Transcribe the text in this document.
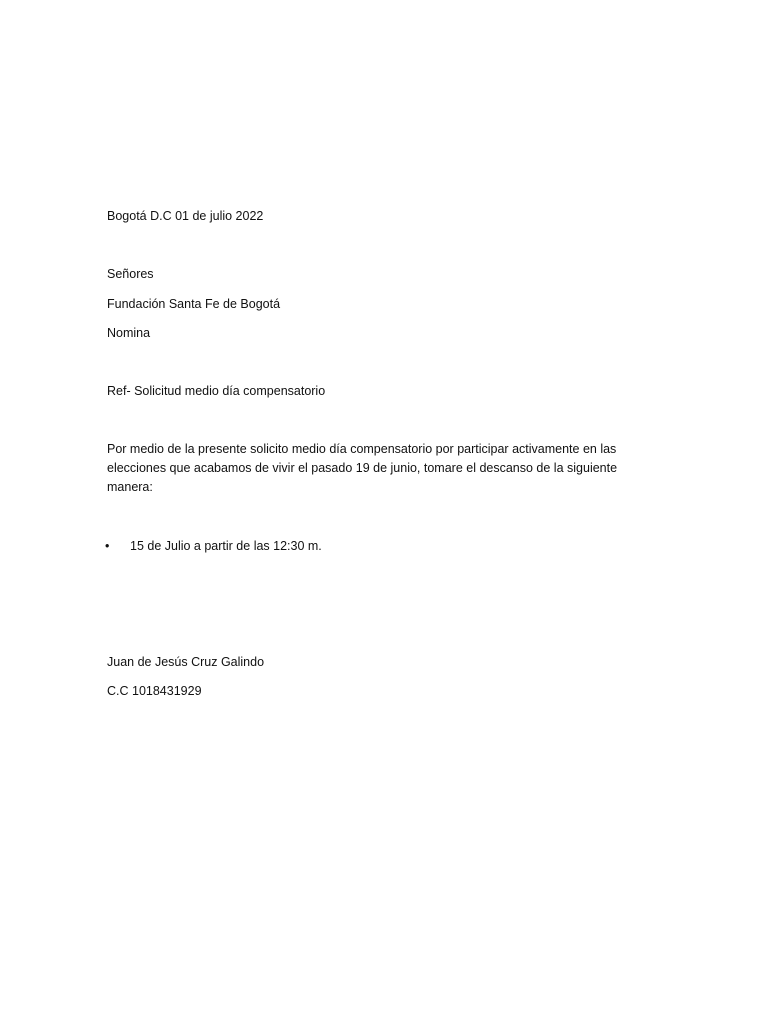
Bogotá D.C 01 de julio 2022
Señores
Fundación Santa Fe de Bogotá
Nomina
Ref- Solicitud medio día compensatorio
Por medio de la presente solicito medio día compensatorio por participar activamente en las
elecciones que acabamos de vivir el pasado 19 de junio, tomare el descanso de la siguiente
manera:
• 15 de Julio a partir de las 12:30 m.
Juan de Jesús Cruz Galindo
C.C 1018431929
